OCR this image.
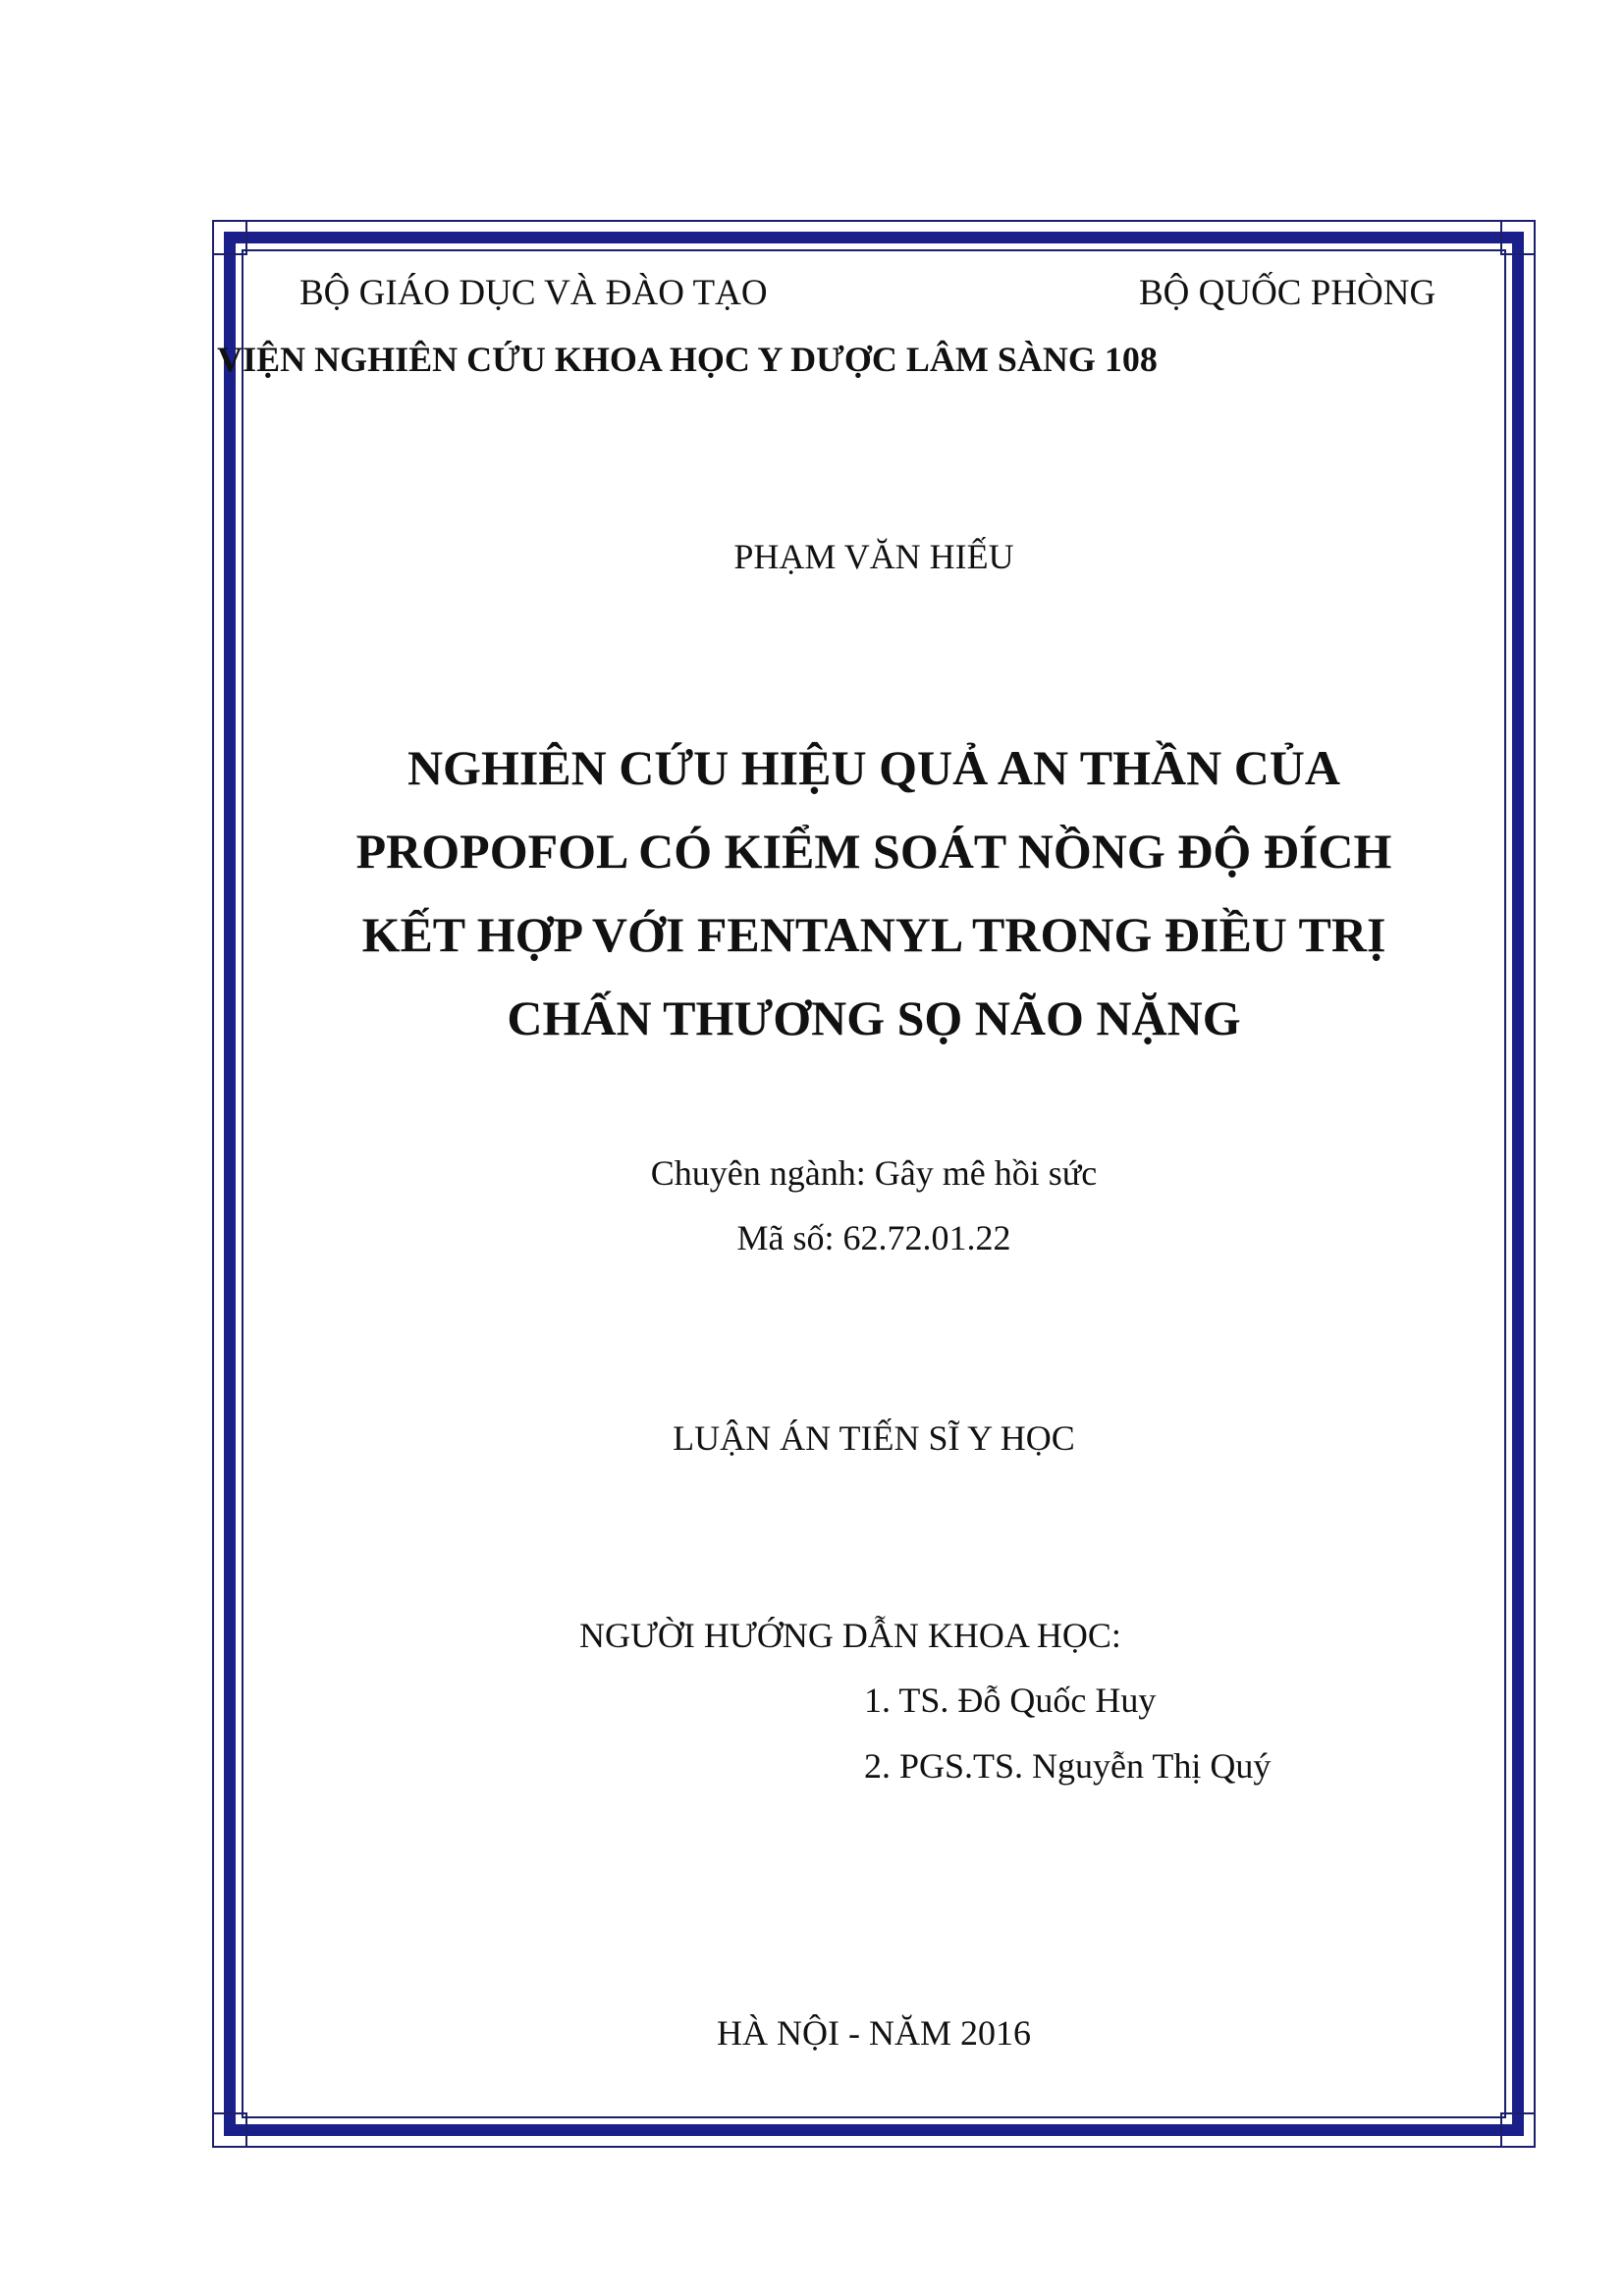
BỘ GIÁO DỤC VÀ ĐÀO TẠO	BỘ QUỐC PHÒNG
VIỆN NGHIÊN CỨU KHOA HỌC Y DƯỢC LÂM SÀNG 108
PHẠM VĂN HIẾU
NGHIÊN CỨU HIỆU QUẢ AN THẦN CỦA
PROPOFOL CÓ KIỂM SOÁT NỒNG ĐỘ ĐÍCH
KẾT HỢP VỚI FENTANYL TRONG ĐIỀU TRỊ
CHẤN THƯƠNG SỌ NÃO NẶNG
Chuyên ngành: Gây mê hồi sức
Mã số: 62.72.01.22
LUẬN ÁN TIẾN SĨ Y HỌC
NGƯỜI HƯỚNG DẪN KHOA HỌC:
1. TS. Đỗ Quốc Huy
2. PGS.TS. Nguyễn Thị Quý
HÀ NỘI - NĂM 2016
